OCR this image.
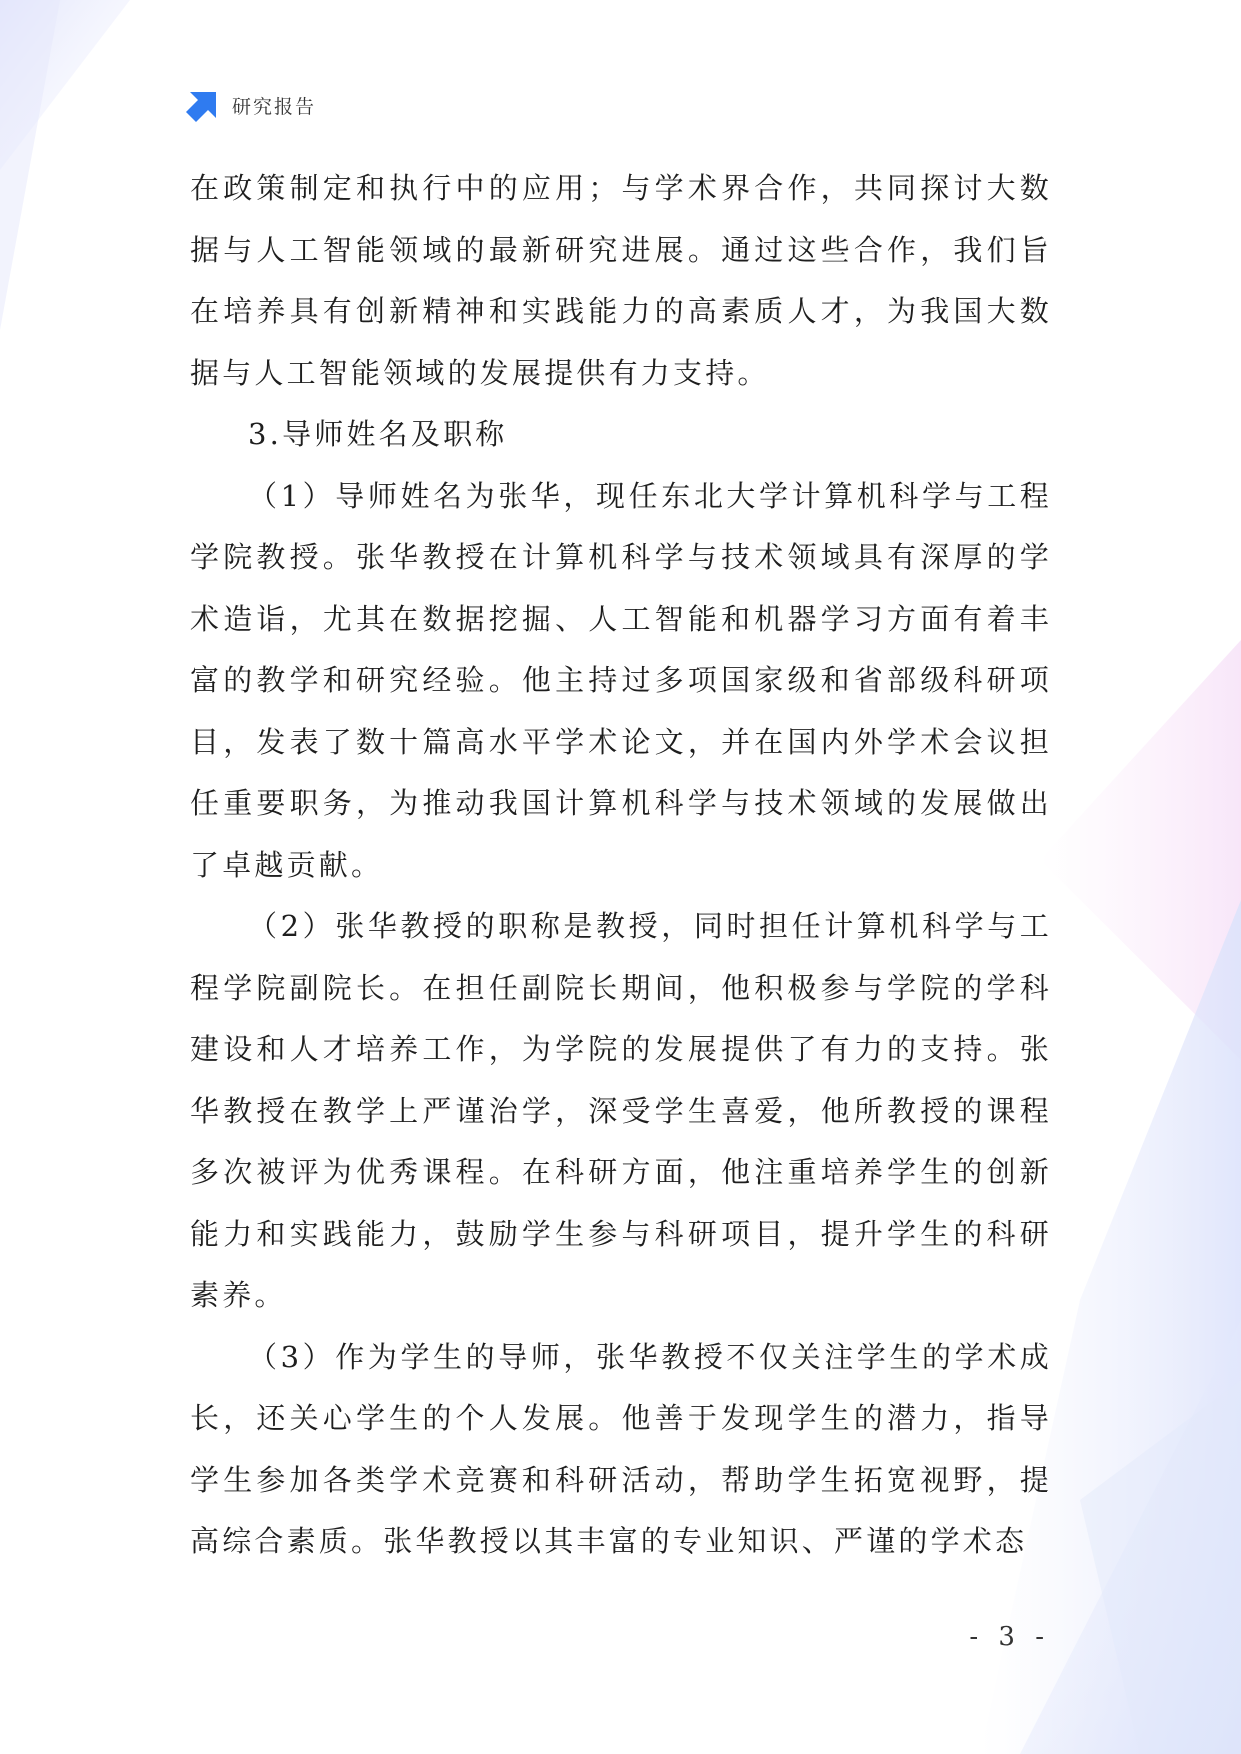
研究报告

在政策制定和执行中的应用；与学术界合作，共同探讨大数据与人工智能领域的最新研究进展。通过这些合作，我们旨在培养具有创新精神和实践能力的高素质人才，为我国大数据与人工智能领域的发展提供有力支持。

3.导师姓名及职称

（1）导师姓名为张华，现任东北大学计算机科学与工程学院教授。张华教授在计算机科学与技术领域具有深厚的学术造诣，尤其在数据挖掘、人工智能和机器学习方面有着丰富的教学和研究经验。他主持过多项国家级和省部级科研项目，发表了数十篇高水平学术论文，并在国内外学术会议担任重要职务，为推动我国计算机科学与技术领域的发展做出了卓越贡献。

（2）张华教授的职称是教授，同时担任计算机科学与工程学院副院长。在担任副院长期间，他积极参与学院的学科建设和人才培养工作，为学院的发展提供了有力的支持。张华教授在教学上严谨治学，深受学生喜爱，他所教授的课程多次被评为优秀课程。在科研方面，他注重培养学生的创新能力和实践能力，鼓励学生参与科研项目，提升学生的科研素养。

（3）作为学生的导师，张华教授不仅关注学生的学术成长，还关心学生的个人发展。他善于发现学生的潜力，指导学生参加各类学术竞赛和科研活动，帮助学生拓宽视野，提高综合素质。张华教授以其丰富的专业知识、严谨的学术态

- 3 -
